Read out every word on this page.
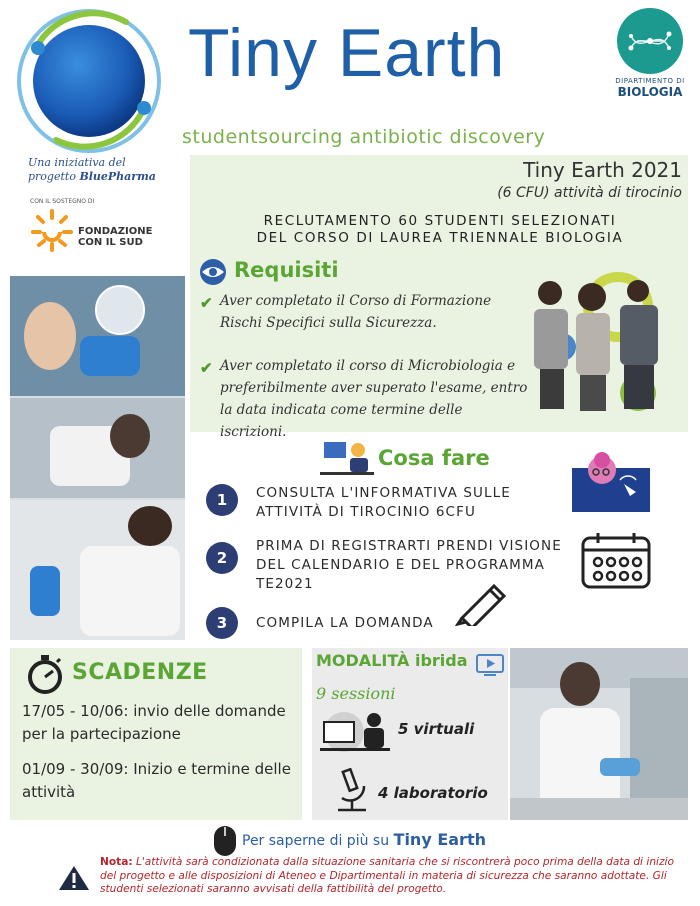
Tiny Earth
studentsourcing antibiotic discovery
DIPARTIMENTO DI
BIOLOGIA
Una iniziativa del
progetto BluePharma
CON IL SOSTEGNO DI
FONDAZIONE
CON IL SUD
Tiny Earth 2021
(6 CFU) attività di tirocinio
RECLUTAMENTO 60 STUDENTI SELEZIONATI
DEL CORSO DI LAUREA TRIENNALE BIOLOGIA
Requisiti
✔ Aver completato il Corso di Formazione Rischi Specifici sulla Sicurezza.
✔ Aver completato il corso di Microbiologia e preferibilmente aver superato l'esame, entro la data indicata come termine delle iscrizioni.
Cosa fare
1	CONSULTA L'INFORMATIVA SULLE ATTIVITÀ DI TIROCINIO 6CFU
2
PRIMA DI REGISTRARTI PRENDI VISIONE DEL CALENDARIO E DEL PROGRAMMA TE2021
3	COMPILA LA DOMANDA
SCADENZE
17/05 - 10/06: invio delle domande per la partecipazione
01/09 - 30/09: Inizio e termine delle attività
MODALITÀ ibrida
9 sessioni
5 virtuali
4 laboratorio
Per saperne di più su Tiny Earth
Nota: L'attività sarà condizionata dalla situazione sanitaria che si riscontrerà poco prima della data di inizio del progetto e alle disposizioni di Ateneo e Dipartimentali in materia di sicurezza che saranno adottate. Gli studenti selezionati saranno avvisati della fattibilità del progetto.
